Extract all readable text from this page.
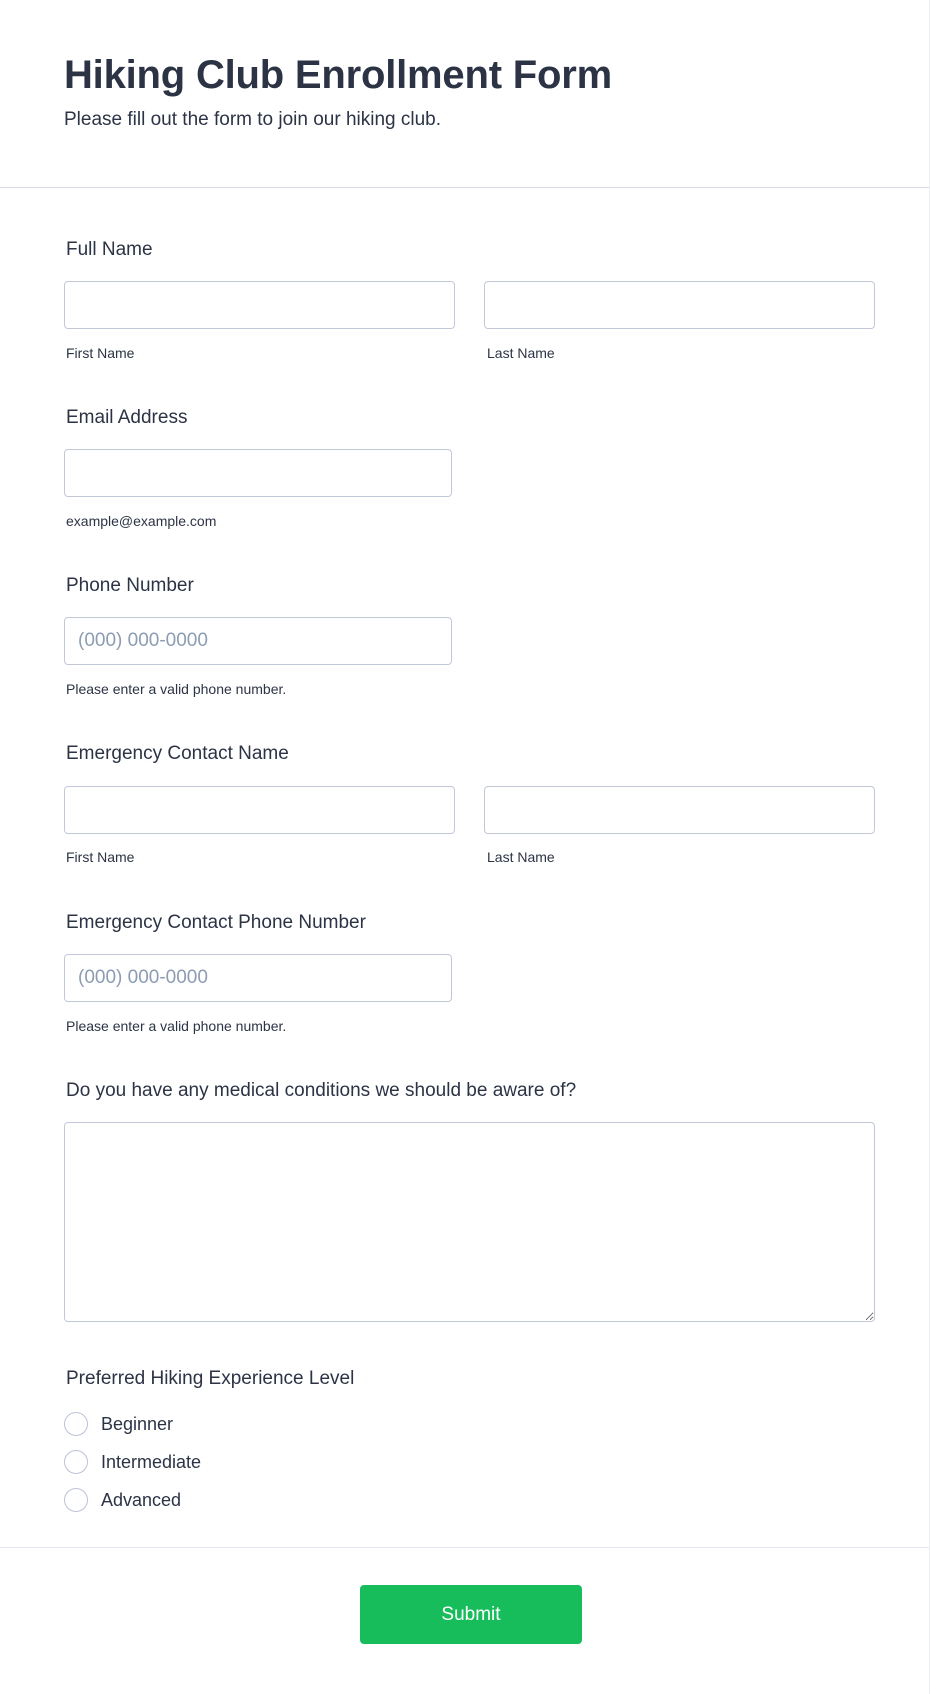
Hiking Club Enrollment Form
Please fill out the form to join our hiking club.
Full Name
First Name	Last Name
Email Address
example@example.com
Phone Number
(000) 000-0000
Please enter a valid phone number.
Emergency Contact Name
First Name	Last Name
Emergency Contact Phone Number
(000) 000-0000
Please enter a valid phone number.
Do you have any medical conditions we should be aware of?
Preferred Hiking Experience Level
Beginner
Intermediate
Advanced
Submit
